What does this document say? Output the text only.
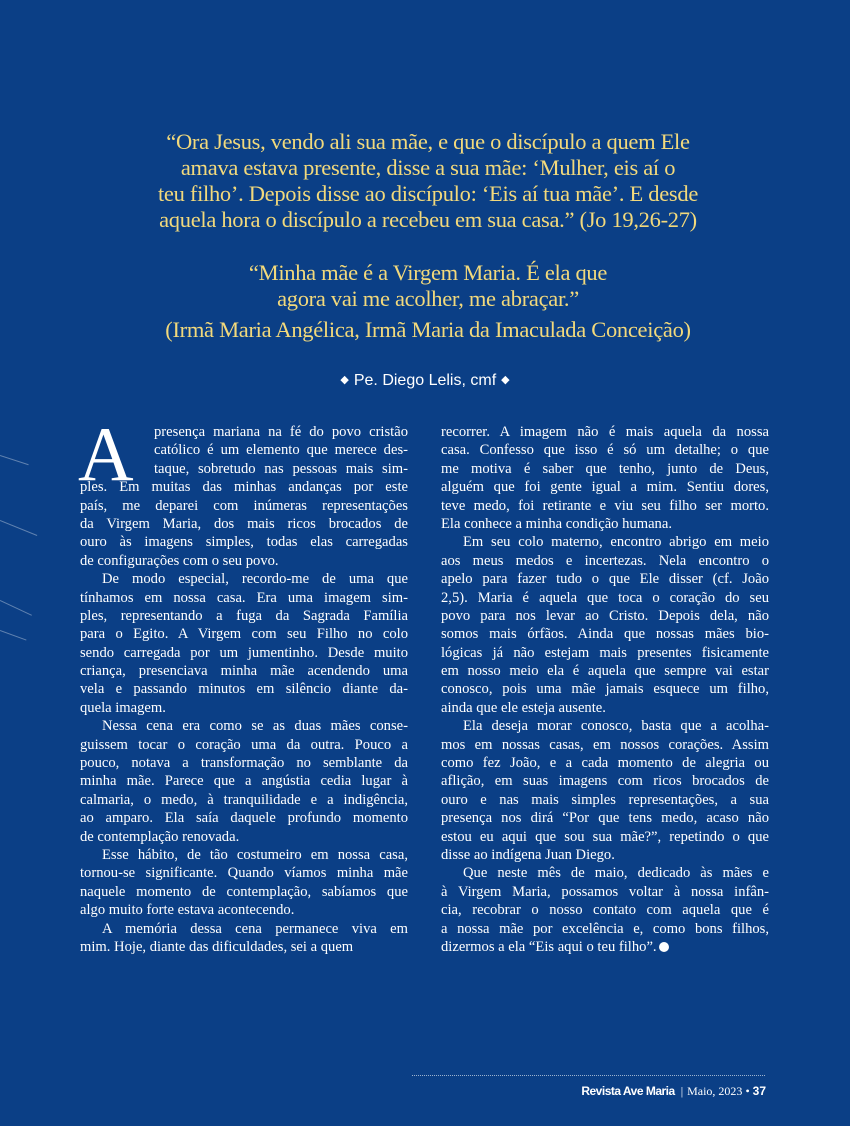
“Ora Jesus, vendo ali sua mãe, e que o discípulo a quem Ele
amava estava presente, disse a sua mãe: ‘Mulher, eis aí o
teu filho’. Depois disse ao discípulo: ‘Eis aí tua mãe’. E desde
aquela hora o discípulo a recebeu em sua casa.” (Jo 19,26-27)
“Minha mãe é a Virgem Maria. É ela que
agora vai me acolher, me abraçar.”
(Irmã Maria Angélica, Irmã Maria da Imaculada Conceição)
◆ Pe. Diego Lelis, cmf ◆
A presença mariana na fé do povo cristão
católico é um elemento que merece des-
taque, sobretudo nas pessoas mais sim-
ples. Em muitas das minhas andanças por este
país, me deparei com inúmeras representações
da Virgem Maria, dos mais ricos brocados de
ouro às imagens simples, todas elas carregadas
de configurações com o seu povo.
De modo especial, recordo-me de uma que
tínhamos em nossa casa. Era uma imagem sim-
ples, representando a fuga da Sagrada Família
para o Egito. A Virgem com seu Filho no colo
sendo carregada por um jumentinho. Desde muito
criança, presenciava minha mãe acendendo uma
vela e passando minutos em silêncio diante da-
quela imagem.
Nessa cena era como se as duas mães conse-
guissem tocar o coração uma da outra. Pouco a
pouco, notava a transformação no semblante da
minha mãe. Parece que a angústia cedia lugar à
calmaria, o medo, à tranquilidade e a indigência,
ao amparo. Ela saía daquele profundo momento
de contemplação renovada.
Esse hábito, de tão costumeiro em nossa casa,
tornou-se significante. Quando víamos minha mãe
naquele momento de contemplação, sabíamos que
algo muito forte estava acontecendo.
A memória dessa cena permanece viva em
mim. Hoje, diante das dificuldades, sei a quem
recorrer. A imagem não é mais aquela da nossa
casa. Confesso que isso é só um detalhe; o que
me motiva é saber que tenho, junto de Deus,
alguém que foi gente igual a mim. Sentiu dores,
teve medo, foi retirante e viu seu filho ser morto.
Ela conhece a minha condição humana.
Em seu colo materno, encontro abrigo em meio
aos meus medos e incertezas. Nela encontro o
apelo para fazer tudo o que Ele disser (cf. João
2,5). Maria é aquela que toca o coração do seu
povo para nos levar ao Cristo. Depois dela, não
somos mais órfãos. Ainda que nossas mães bio-
lógicas já não estejam mais presentes fisicamente
em nosso meio ela é aquela que sempre vai estar
conosco, pois uma mãe jamais esquece um filho,
ainda que ele esteja ausente.
Ela deseja morar conosco, basta que a acolha-
mos em nossas casas, em nossos corações. Assim
como fez João, e a cada momento de alegria ou
aflição, em suas imagens com ricos brocados de
ouro e nas mais simples representações, a sua
presença nos dirá “Por que tens medo, acaso não
estou eu aqui que sou sua mãe?”, repetindo o que
disse ao indígena Juan Diego.
Que neste mês de maio, dedicado às mães e
à Virgem Maria, possamos voltar à nossa infân-
cia, recobrar o nosso contato com aquela que é
a nossa mãe por excelência e, como bons filhos,
dizermos a ela “Eis aqui o teu filho”.
Revista Ave Maria | Maio, 2023 • 37
